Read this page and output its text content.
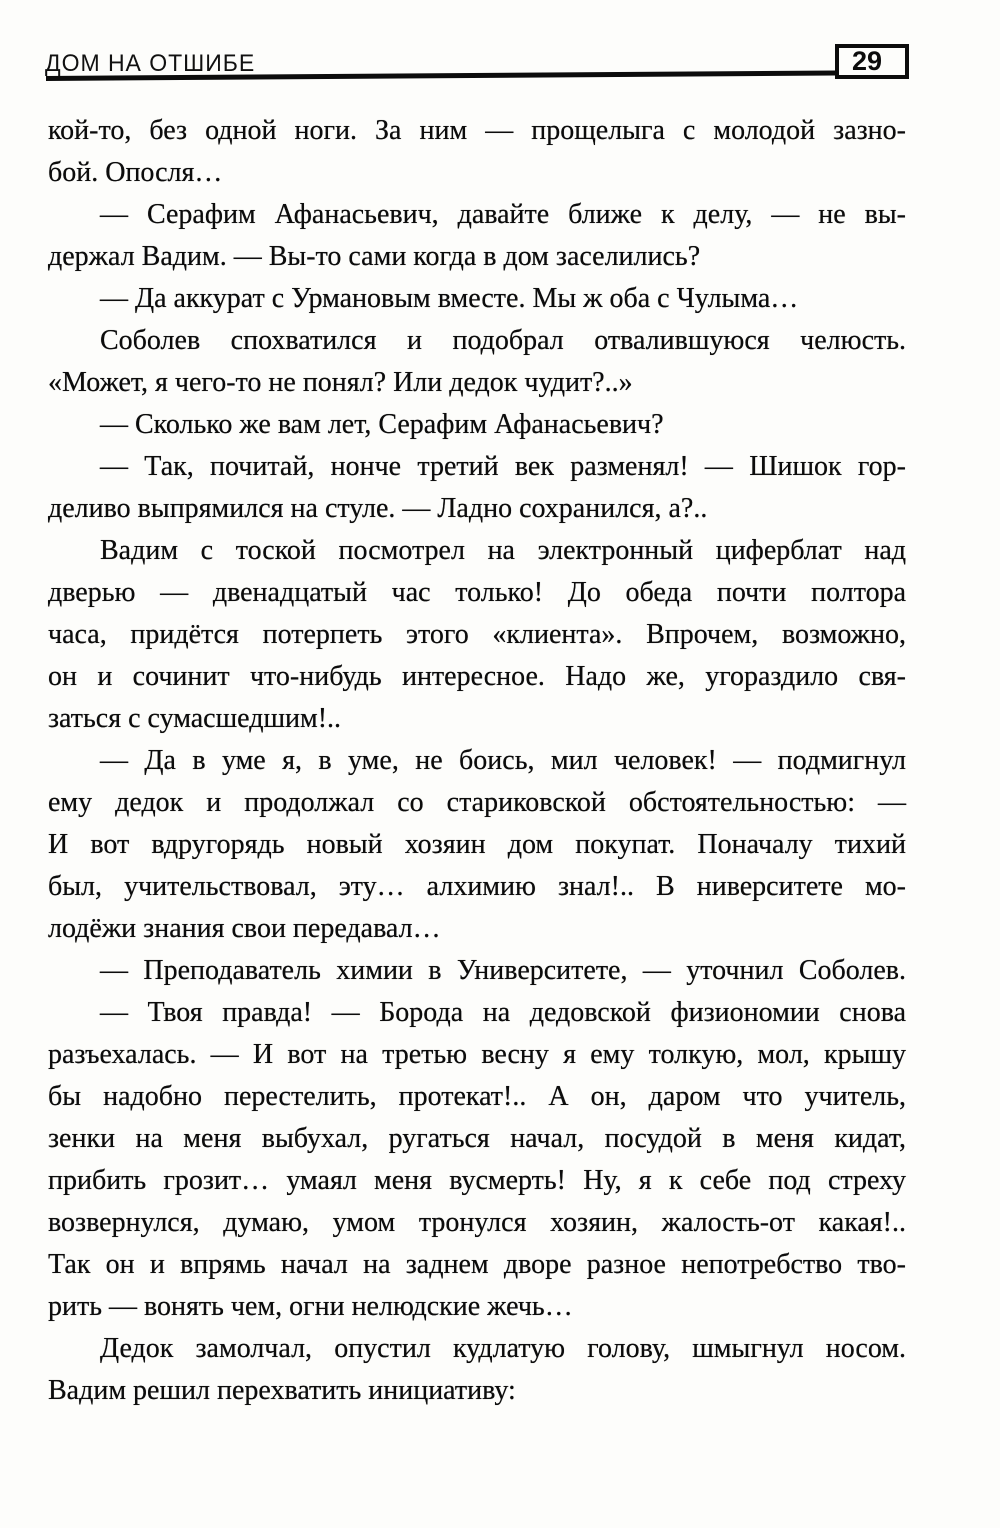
ДОМ НА ОТШИБЕ	29
кой-то, без одной ноги. За ним — прощелыга с молодой зазно-
бой. Опосля…
— Серафим Афанасьевич, давайте ближе к делу, — не вы-
держал Вадим. — Вы-то сами когда в дом заселились?
— Да аккурат с Урмановым вместе. Мы ж оба с Чулыма…
Соболев спохватился и подобрал отвалившуюся челюсть.
«Может, я чего-то не понял? Или дедок чудит?..»
— Сколько же вам лет, Серафим Афанасьевич?
— Так, почитай, нонче третий век разменял! — Шишок гор-
деливо выпрямился на стуле. — Ладно сохранился, а?..
Вадим с тоской посмотрел на электронный циферблат над
дверью — двенадцатый час только! До обеда почти полтора
часа, придётся потерпеть этого «клиента». Впрочем, возможно,
он и сочинит что-нибудь интересное. Надо же, угораздило свя-
заться с сумасшедшим!..
— Да в уме я, в уме, не боись, мил человек! — подмигнул
ему дедок и продолжал со стариковской обстоятельностью: —
И вот вдругорядь новый хозяин дом покупат. Поначалу тихий
был, учительствовал, эту… алхимию знал!.. В ниверситете мо-
лодёжи знания свои передавал…
— Преподаватель химии в Университете, — уточнил Соболев.
— Твоя правда! — Борода на дедовской физиономии снова
разъехалась. — И вот на третью весну я ему толкую, мол, крышу
бы надобно перестелить, протекат!.. А он, даром что учитель,
зенки на меня выбухал, ругаться начал, посудой в меня кидат,
прибить грозит… умаял меня вусмерть! Ну, я к себе под стреху
возвернулся, думаю, умом тронулся хозяин, жалость-от какая!..
Так он и впрямь начал на заднем дворе разное непотребство тво-
рить — вонять чем, огни нелюдские жечь…
Дедок замолчал, опустил кудлатую голову, шмыгнул носом.
Вадим решил перехватить инициативу:
